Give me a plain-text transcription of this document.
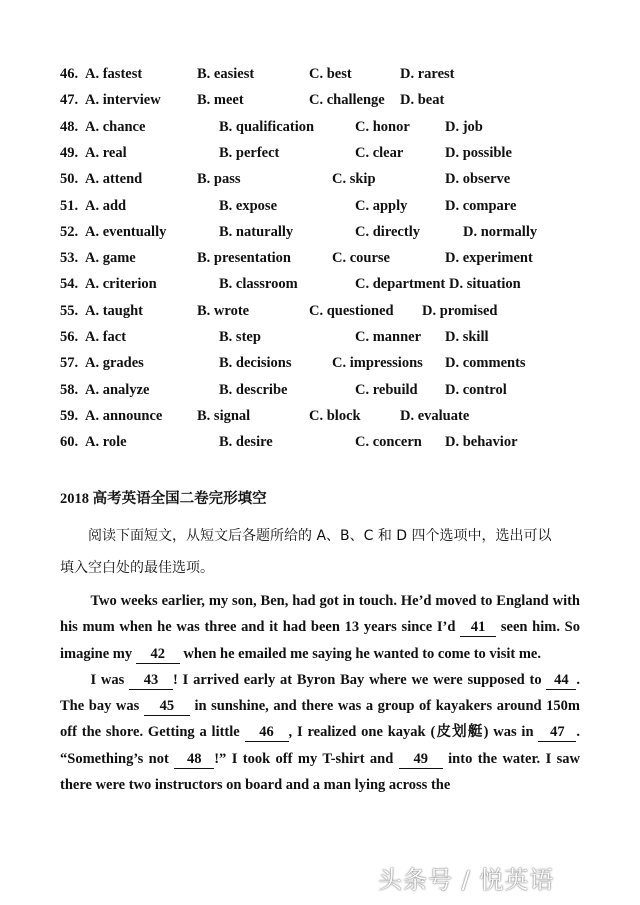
46. A. fastest	B. easiest	C. best	D. rarest
47. A. interview	B. meet	C. challenge D. beat
48. A. chance	B. qualification	C. honor D. job
49. A. real	B. perfect	C. clear	D. possible
50. A. attend	B. pass	C. skip	D. observe
51. A. add	B. expose	C. apply	D. compare
52. A. eventually	B. naturally	C. directly	D. normally
53. A. game	B. presentation	C. course	D. experiment
54. A. criterion	B. classroom	C. department D. situation
55. A. taught	B. wrote	C. questioned D. promised
56. A. fact	B. step	C. manner D. skill
57. A. grades	B. decisions	C. impressions D. comments
58. A. analyze	B. describe	C. rebuild D. control
59. A. announce B. signal	C. block	D. evaluate
60. A. role	B. desire	C. concern D. behavior
2018 高考英语全国二卷完形填空
阅读下面短文，从短文后各题所给的 A、B、C 和 D 四个选项中，选出可以
填入空白处的最佳选项。

Two weeks earlier, my son, Ben, had got in touch. He’d moved to England with his mum when he was three and it had been 13 years since I’d 41 seen him. So imagine my 42 when he emailed me saying he wanted to come to visit me.

I was 43 ! I arrived early at Byron Bay where we were supposed to 44 . The bay was 45 in sunshine, and there was a group of kayakers around 150m off the shore. Getting a little 46 , I realized one kayak (皮划艇) was in 47 . “Something’s not 48 !” I took off my T-shirt and 49 into the water. I saw there were two instructors on board and a man lying across the

头条号 / 悦英语
